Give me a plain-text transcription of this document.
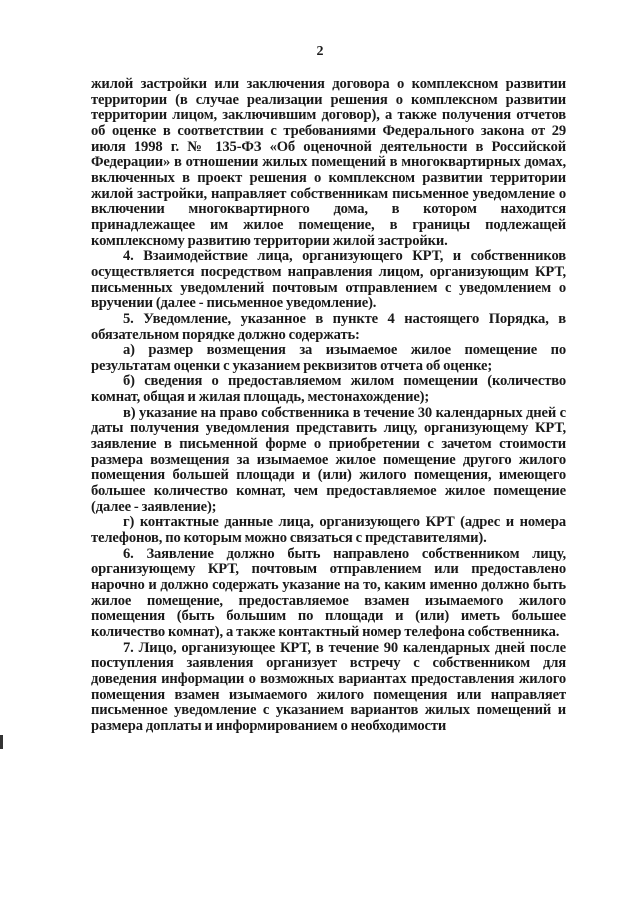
2

жилой застройки или заключения договора о комплексном развитии территории (в случае реализации решения о комплексном развитии территории лицом, заключившим договор), а также получения отчетов об оценке в соответствии с требованиями Федерального закона от 29 июля 1998 г. № 135-ФЗ «Об оценочной деятельности в Российской Федерации» в отношении жилых помещений в многоквартирных домах, включенных в проект решения о комплексном развитии территории жилой застройки, направляет собственникам письменное уведомление о включении многоквартирного дома, в котором находится принадлежащее им жилое помещение, в границы подлежащей комплексному развитию территории жилой застройки.

4. Взаимодействие лица, организующего КРТ, и собственников осуществляется посредством направления лицом, организующим КРТ, письменных уведомлений почтовым отправлением с уведомлением о вручении (далее - письменное уведомление).

5. Уведомление, указанное в пункте 4 настоящего Порядка, в обязательном порядке должно содержать:

а) размер возмещения за изымаемое жилое помещение по результатам оценки с указанием реквизитов отчета об оценке;

б) сведения о предоставляемом жилом помещении (количество комнат, общая и жилая площадь, местонахождение);

в) указание на право собственника в течение 30 календарных дней с даты получения уведомления представить лицу, организующему КРТ, заявление в письменной форме о приобретении с зачетом стоимости размера возмещения за изымаемое жилое помещение другого жилого помещения большей площади и (или) жилого помещения, имеющего большее количество комнат, чем предоставляемое жилое помещение (далее - заявление);

г) контактные данные лица, организующего КРТ (адрес и номера телефонов, по которым можно связаться с представителями).

6. Заявление должно быть направлено собственником лицу, организующему КРТ, почтовым отправлением или предоставлено нарочно и должно содержать указание на то, каким именно должно быть жилое помещение, предоставляемое взамен изымаемого жилого помещения (быть большим по площади и (или) иметь большее количество комнат), а также контактный номер телефона собственника.

7. Лицо, организующее КРТ, в течение 90 календарных дней после поступления заявления организует встречу с собственником для доведения информации о возможных вариантах предоставления жилого помещения взамен изымаемого жилого помещения или направляет письменное уведомление с указанием вариантов жилых помещений и размера доплаты и информированием о необходимости
